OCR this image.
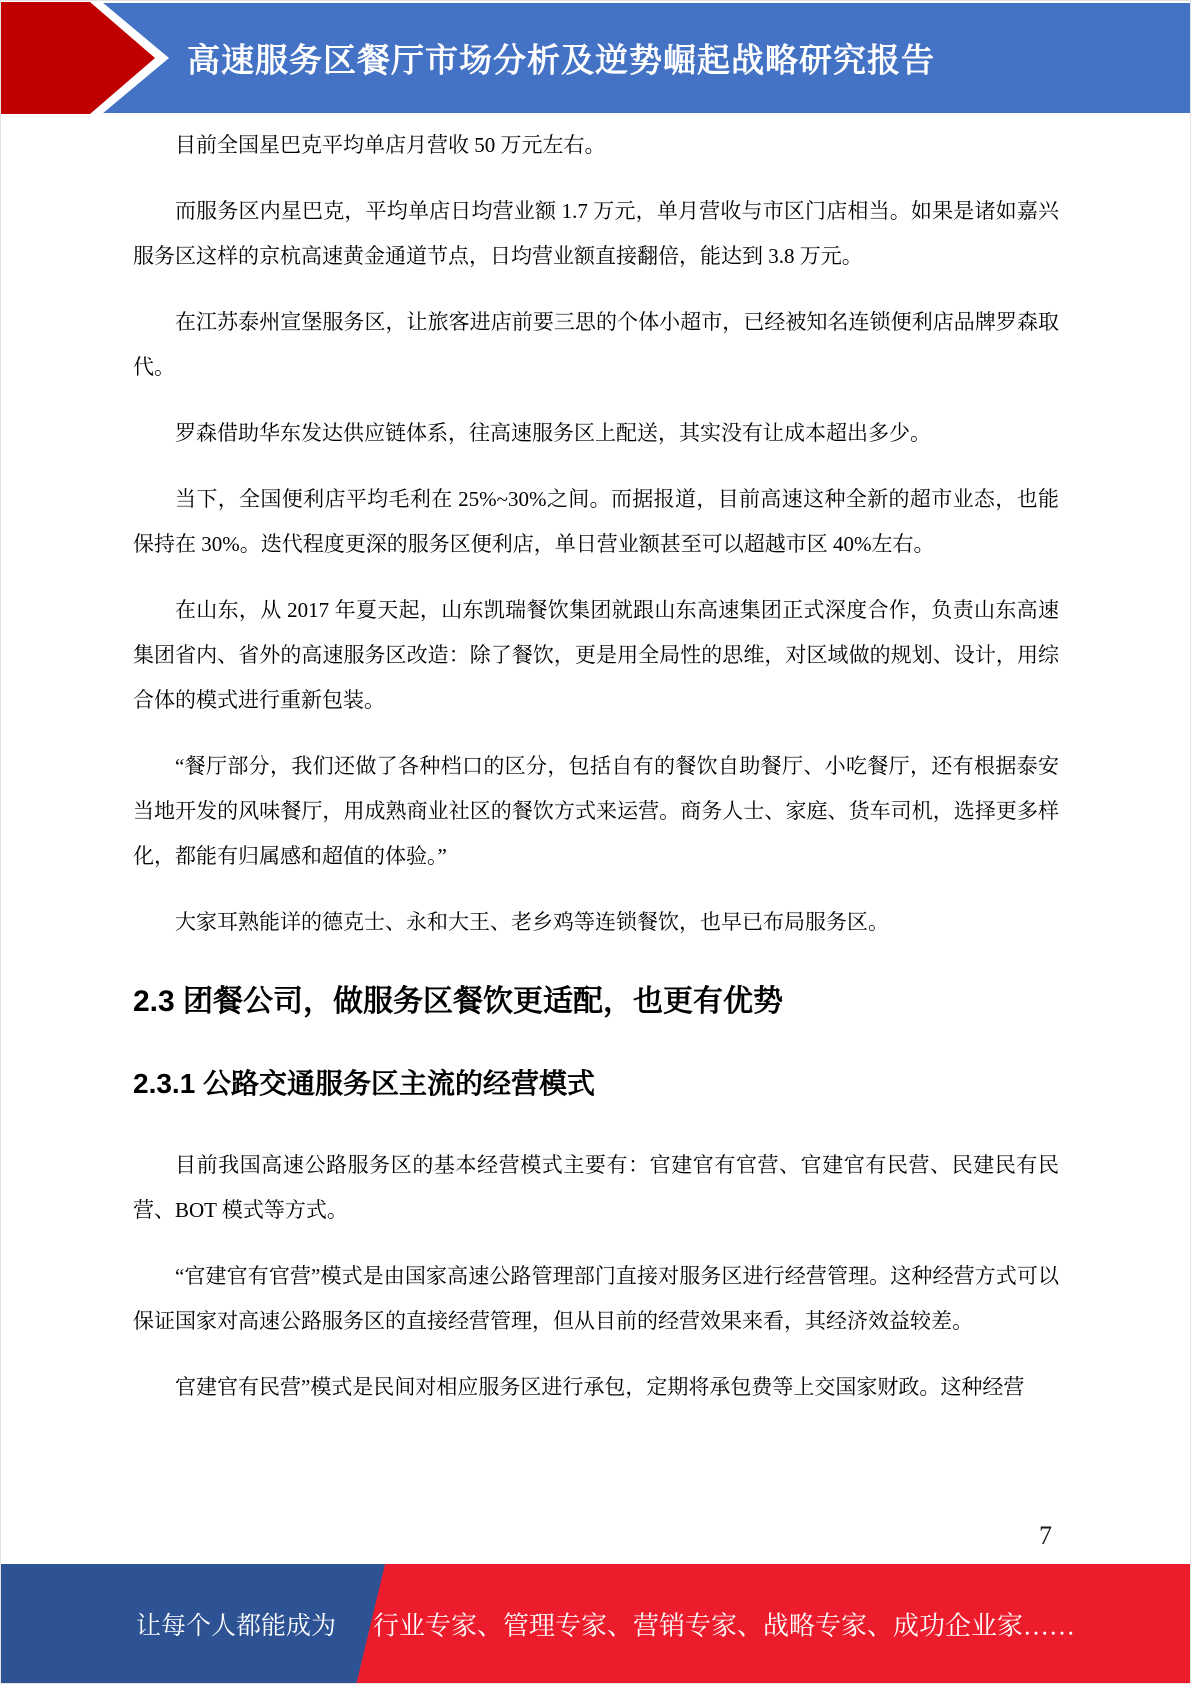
高速服务区餐厅市场分析及逆势崛起战略研究报告

目前全国星巴克平均单店月营收 50 万元左右。

而服务区内星巴克，平均单店日均营业额 1.7 万元，单月营收与市区门店相当。如果是诸如嘉兴服务区这样的京杭高速黄金通道节点，日均营业额直接翻倍，能达到 3.8 万元。

在江苏泰州宣堡服务区，让旅客进店前要三思的个体小超市，已经被知名连锁便利店品牌罗森取代。

罗森借助华东发达供应链体系，往高速服务区上配送，其实没有让成本超出多少。

当下，全国便利店平均毛利在 25%~30%之间。而据报道，目前高速这种全新的超市业态，也能保持在 30%。迭代程度更深的服务区便利店，单日营业额甚至可以超越市区 40%左右。

在山东，从 2017 年夏天起，山东凯瑞餐饮集团就跟山东高速集团正式深度合作，负责山东高速集团省内、省外的高速服务区改造：除了餐饮，更是用全局性的思维，对区域做的规划、设计，用综合体的模式进行重新包装。

“餐厅部分，我们还做了各种档口的区分，包括自有的餐饮自助餐厅、小吃餐厅，还有根据泰安当地开发的风味餐厅，用成熟商业社区的餐饮方式来运营。商务人士、家庭、货车司机，选择更多样化，都能有归属感和超值的体验。”

大家耳熟能详的德克士、永和大王、老乡鸡等连锁餐饮，也早已布局服务区。

2.3 团餐公司，做服务区餐饮更适配，也更有优势
2.3.1 公路交通服务区主流的经营模式

目前我国高速公路服务区的基本经营模式主要有：官建官有官营、官建官有民营、民建民有民营、BOT 模式等方式。

“官建官有官营”模式是由国家高速公路管理部门直接对服务区进行经营管理。这种经营方式可以保证国家对高速公路服务区的直接经营管理，但从目前的经营效果来看，其经济效益较差。

官建官有民营”模式是民间对相应服务区进行承包，定期将承包费等上交国家财政。这种经营

7
让每个人都能成为 行业专家、管理专家、营销专家、战略专家、成功企业家……
